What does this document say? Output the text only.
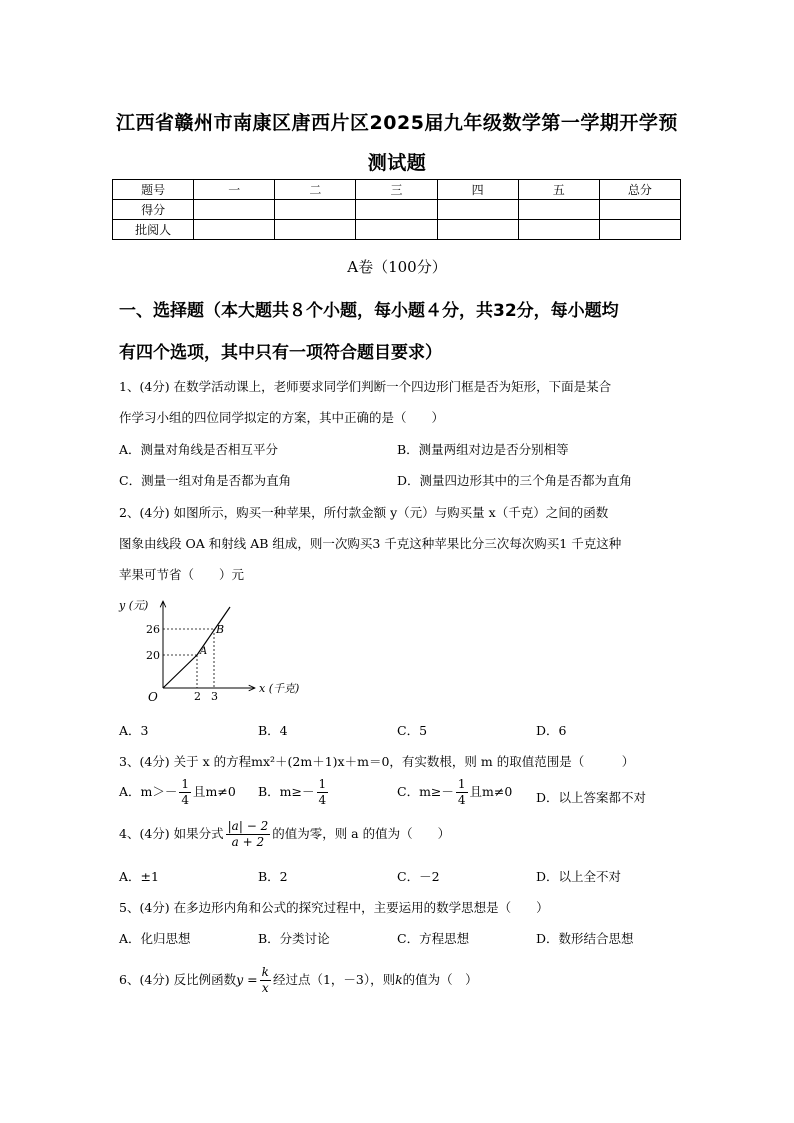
江西省赣州市南康区唐西片区2025届九年级数学第一学期开学预
测试题
题号	一	二	三	四	五	总分
得分						
批阅人						
A卷（100分）
一、选择题（本大题共８个小题，每小题４分，共32分，每小题均
有四个选项，其中只有一项符合题目要求）
1、(4分) 在数学活动课上，老师要求同学们判断一个四边形门框是否为矩形，下面是某合
作学习小组的四位同学拟定的方案，其中正确的是（　　）
A．测量对角线是否相互平分	B．测量两组对边是否分别相等
C．测量一组对角是否都为直角	D．测量四边形其中的三个角是否都为直角
2、(4分) 如图所示，购买一种苹果，所付款金额 y（元）与购买量 x（千克）之间的函数
图象由线段 OA 和射线 AB 组成，则一次购买3 千克这种苹果比分三次每次购买1 千克这种
苹果可节省（　　）元
y (元)
x (千克)
O
26
20
2 3
A
B
A．3	B．4	C．5	D．6
3、(4分) 关于 x 的方程mx²＋(2m＋1)x＋m＝0，有实数根，则 m 的取值范围是（　　　）
A．$m>- \frac{1}{4}$ 且m≠0 B．$m\ge- \frac{1}{4}$	C．$m\ge- \frac{1}{4}$ 且m≠0 D．以上答案都不对
4、(4分) 如果分式 $\frac{|a| - 2}{a + 2}$ 的值为零，则 a 的值为（　　）
A．±1	B．2	C．－2	D．以上全不对
5、(4分) 在多边形内角和公式的探究过程中，主要运用的数学思想是（　　）
A．化归思想	B．分类讨论	C．方程思想	D．数形结合思想
6、(4分) 反比例函数$y = \frac{k}{x}$ 经过点（1，－3），则k的值为（　）
